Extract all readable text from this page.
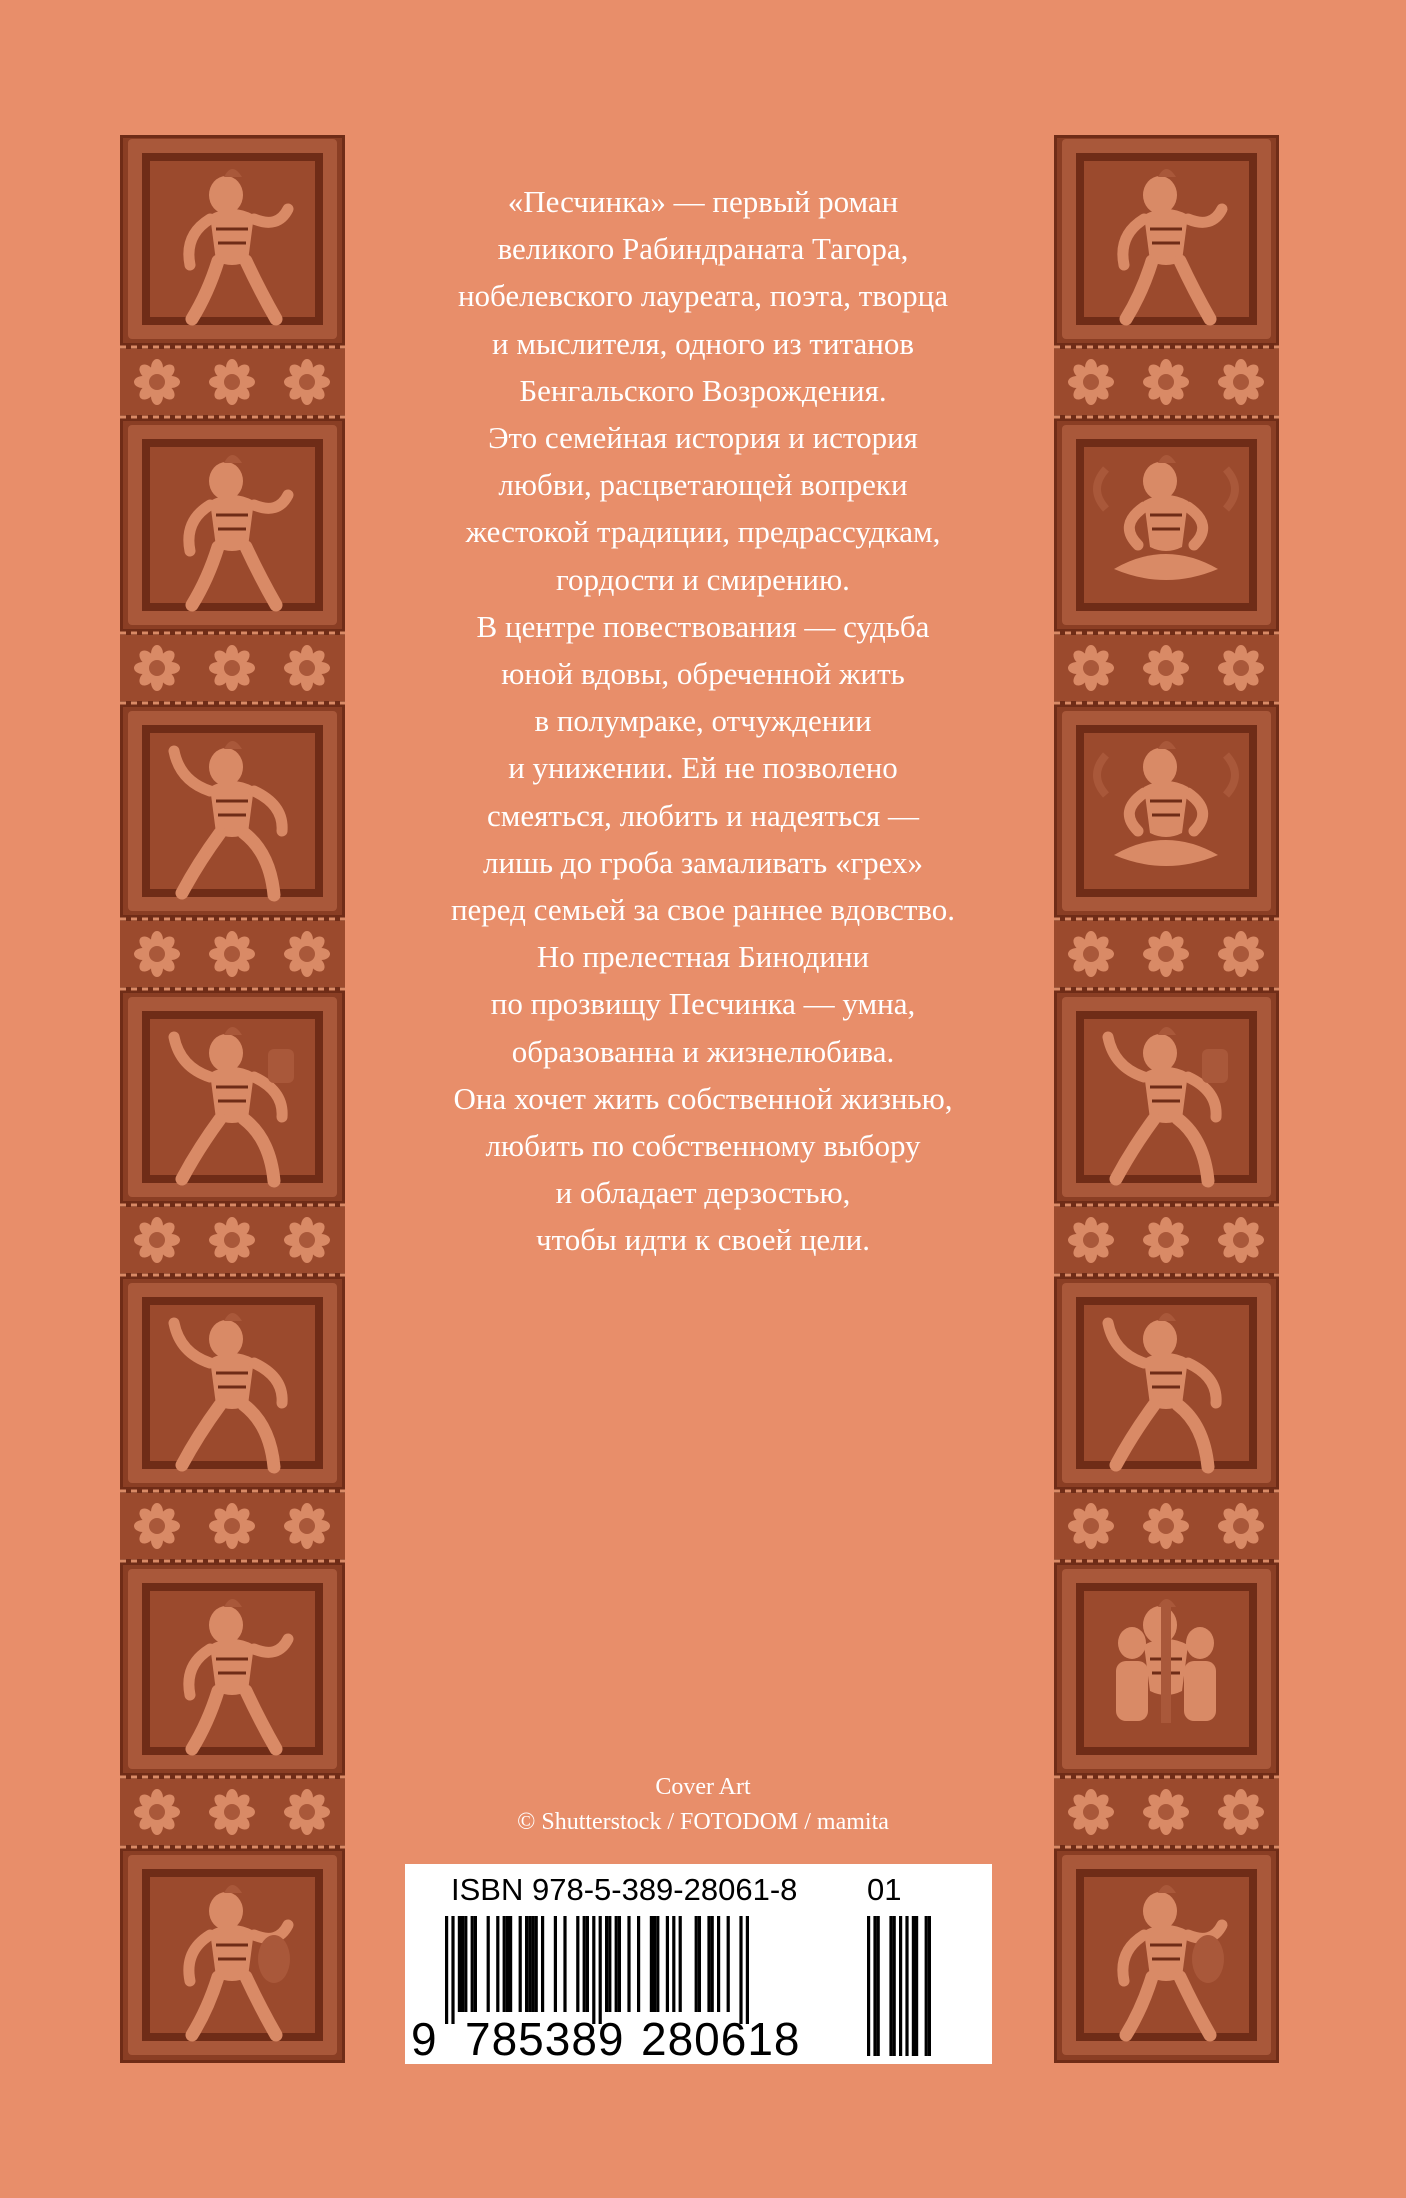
«Песчинка» — первый роман
великого Рабиндраната Тагора,
нобелевского лауреата, поэта, творца
и мыслителя, одного из титанов
Бенгальского Возрождения.
Это семейная история и история
любви, расцветающей вопреки
жестокой традиции, предрассудкам,
гордости и смирению.
В центре повествования — судьба
юной вдовы, обреченной жить
в полумраке, отчуждении
и унижении. Ей не позволено
смеяться, любить и надеяться —
лишь до гроба замаливать «грех»
перед семьей за свое раннее вдовство.
Но прелестная Бинодини
по прозвищу Песчинка — умна,
образованна и жизнелюбива.
Она хочет жить собственной жизнью,
любить по собственному выбору
и обладает дерзостью,
чтобы идти к своей цели.
Cover Art
© Shutterstock / FOTODOM / mamita
ISBN 978-5-389-28061-8 01
9 785389 280618
